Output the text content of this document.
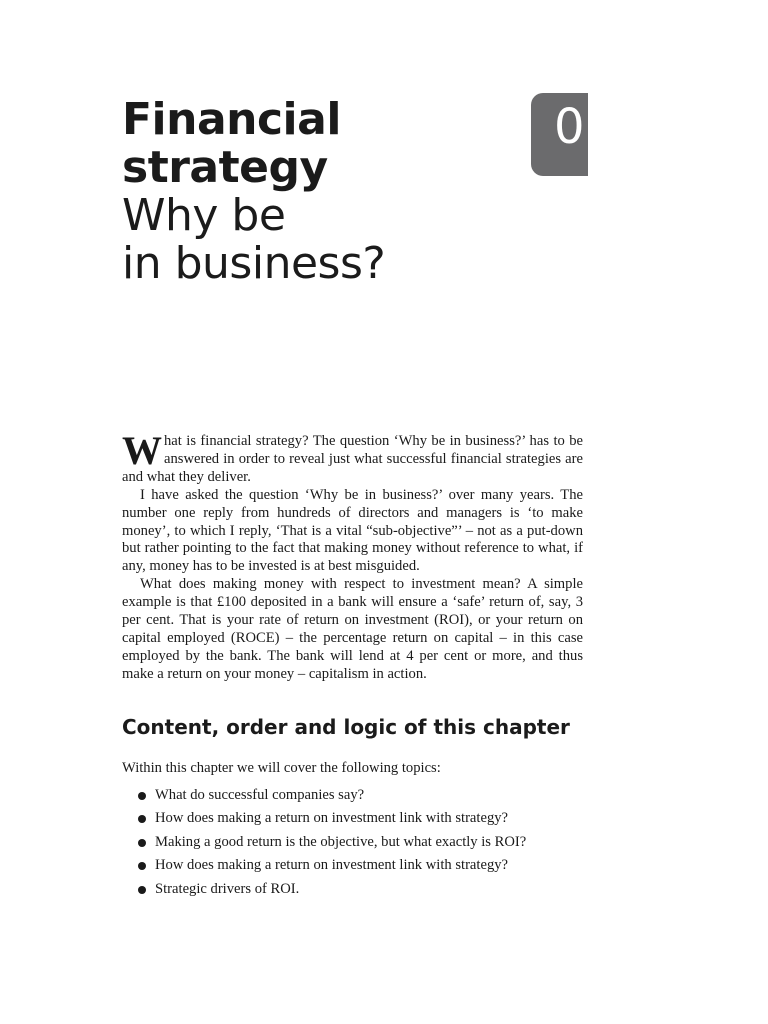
01
Financial
strategy
Why be
in business?

What is financial strategy? The question ‘Why be in business?’ has to be answered in order to reveal just what successful financial strategies are and what they deliver.

I have asked the question ‘Why be in business?’ over many years. The number one reply from hundreds of directors and managers is ‘to make money’, to which I reply, ‘That is a vital “sub-objective”’ – not as a put-down but rather pointing to the fact that making money without reference to what, if any, money has to be invested is at best misguided.

What does making money with respect to investment mean? A simple example is that £100 deposited in a bank will ensure a ‘safe’ return of, say, 3 per cent. That is your rate of return on investment (ROI), or your return on capital employed (ROCE) – the percentage return on capital – in this case employed by the bank. The bank will lend at 4 per cent or more, and thus make a return on your money – capitalism in action.

Content, order and logic of this chapter
Within this chapter we will cover the following topics:
What do successful companies say?
How does making a return on investment link with strategy?
Making a good return is the objective, but what exactly is ROI?
How does making a return on investment link with strategy?
Strategic drivers of ROI.
